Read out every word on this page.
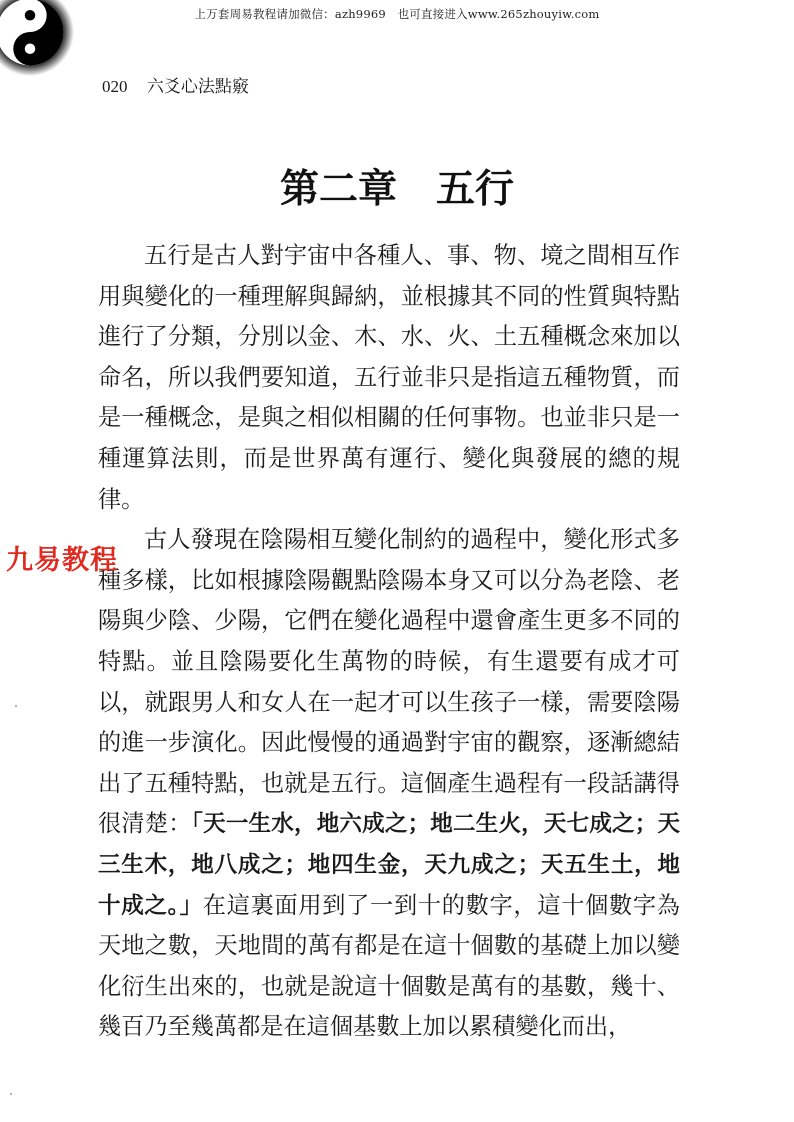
上万套周易教程请加微信：azh9969　也可直接进入www.265zhouyiw.com
020 六爻心法點竅
第二章　五行

五行是古人對宇宙中各種人、事、物、境之間相互作用與變化的一種理解與歸納，並根據其不同的性質與特點進行了分類，分別以金、木、水、火、土五種概念來加以命名，所以我們要知道，五行並非只是指這五種物質，而是一種概念，是與之相似相關的任何事物。也並非只是一種運算法則，而是世界萬有運行、變化與發展的總的規律。

古人發現在陰陽相互變化制約的過程中，變化形式多種多樣，比如根據陰陽觀點陰陽本身又可以分為老陰、老陽與少陰、少陽，它們在變化過程中還會產生更多不同的特點。並且陰陽要化生萬物的時候，有生還要有成才可以，就跟男人和女人在一起才可以生孩子一樣，需要陰陽的進一步演化。因此慢慢的通過對宇宙的觀察，逐漸總結出了五種特點，也就是五行。這個產生過程有一段話講得很清楚：「天一生水，地六成之；地二生火，天七成之；天三生木，地八成之；地四生金，天九成之；天五生土，地十成之。」在這裏面用到了一到十的數字，這十個數字為天地之數，天地間的萬有都是在這十個數的基礎上加以變化衍生出來的，也就是說這十個數是萬有的基數，幾十、幾百乃至幾萬都是在這個基數上加以累積變化而出，

九易教程
